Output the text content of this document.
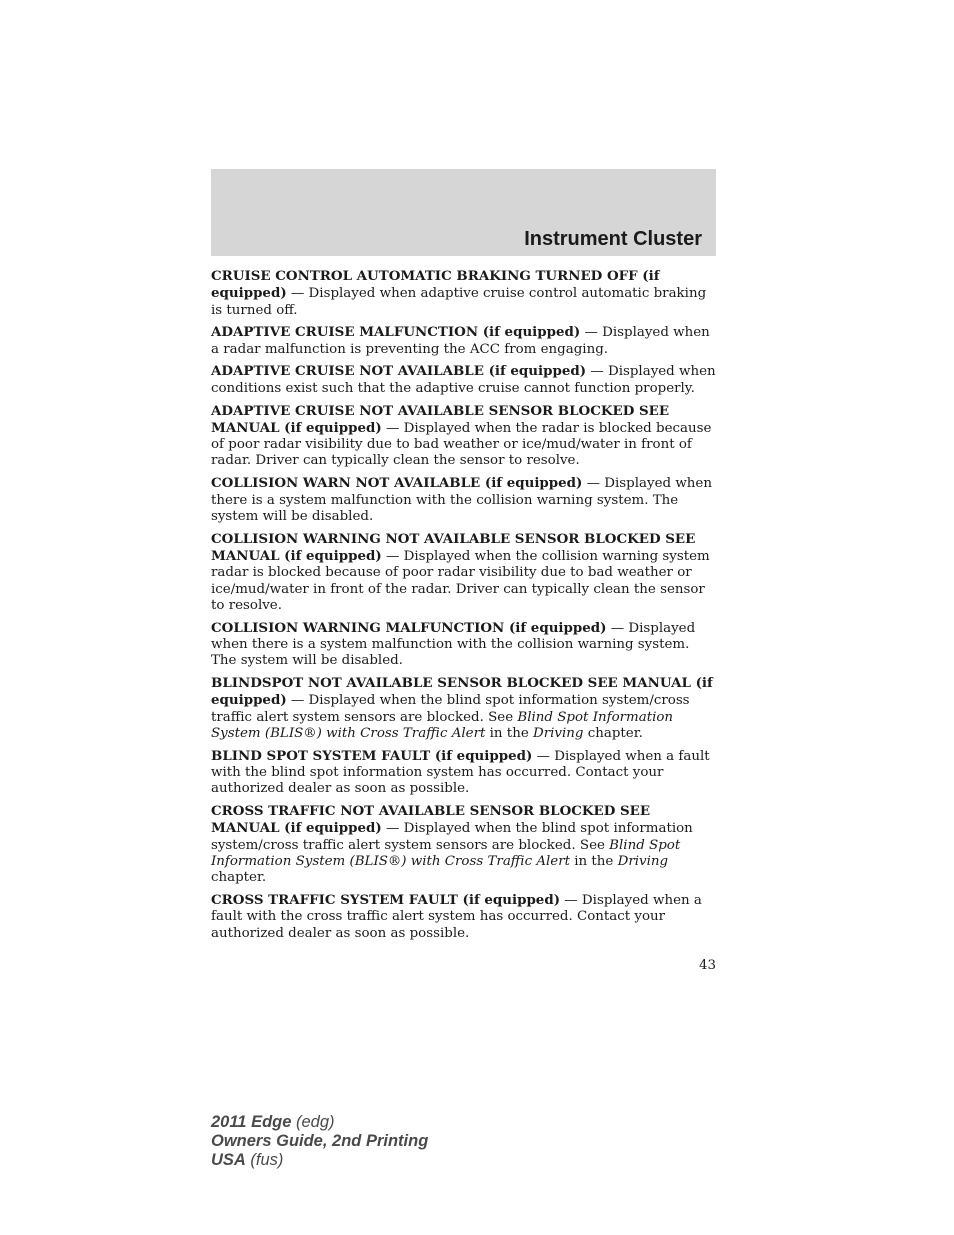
Instrument Cluster

CRUISE CONTROL AUTOMATIC BRAKING TURNED OFF (if equipped) — Displayed when adaptive cruise control automatic braking is turned off.

ADAPTIVE CRUISE MALFUNCTION (if equipped) — Displayed when a radar malfunction is preventing the ACC from engaging.

ADAPTIVE CRUISE NOT AVAILABLE (if equipped) — Displayed when conditions exist such that the adaptive cruise cannot function properly.

ADAPTIVE CRUISE NOT AVAILABLE SENSOR BLOCKED SEE MANUAL (if equipped) — Displayed when the radar is blocked because of poor radar visibility due to bad weather or ice/mud/water in front of radar. Driver can typically clean the sensor to resolve.

COLLISION WARN NOT AVAILABLE (if equipped) — Displayed when there is a system malfunction with the collision warning system. The system will be disabled.

COLLISION WARNING NOT AVAILABLE SENSOR BLOCKED SEE MANUAL (if equipped) — Displayed when the collision warning system radar is blocked because of poor radar visibility due to bad weather or ice/mud/water in front of the radar. Driver can typically clean the sensor to resolve.

COLLISION WARNING MALFUNCTION (if equipped) — Displayed when there is a system malfunction with the collision warning system. The system will be disabled.

BLINDSPOT NOT AVAILABLE SENSOR BLOCKED SEE MANUAL (if equipped) — Displayed when the blind spot information system/cross traffic alert system sensors are blocked. See Blind Spot Information System (BLIS®) with Cross Traffic Alert in the Driving chapter.

BLIND SPOT SYSTEM FAULT (if equipped) — Displayed when a fault with the blind spot information system has occurred. Contact your authorized dealer as soon as possible.

CROSS TRAFFIC NOT AVAILABLE SENSOR BLOCKED SEE MANUAL (if equipped) — Displayed when the blind spot information system/cross traffic alert system sensors are blocked. See Blind Spot Information System (BLIS®) with Cross Traffic Alert in the Driving chapter.

CROSS TRAFFIC SYSTEM FAULT (if equipped) — Displayed when a fault with the cross traffic alert system has occurred. Contact your authorized dealer as soon as possible.

43
2011 Edge (edg)
Owners Guide, 2nd Printing
USA (fus)
